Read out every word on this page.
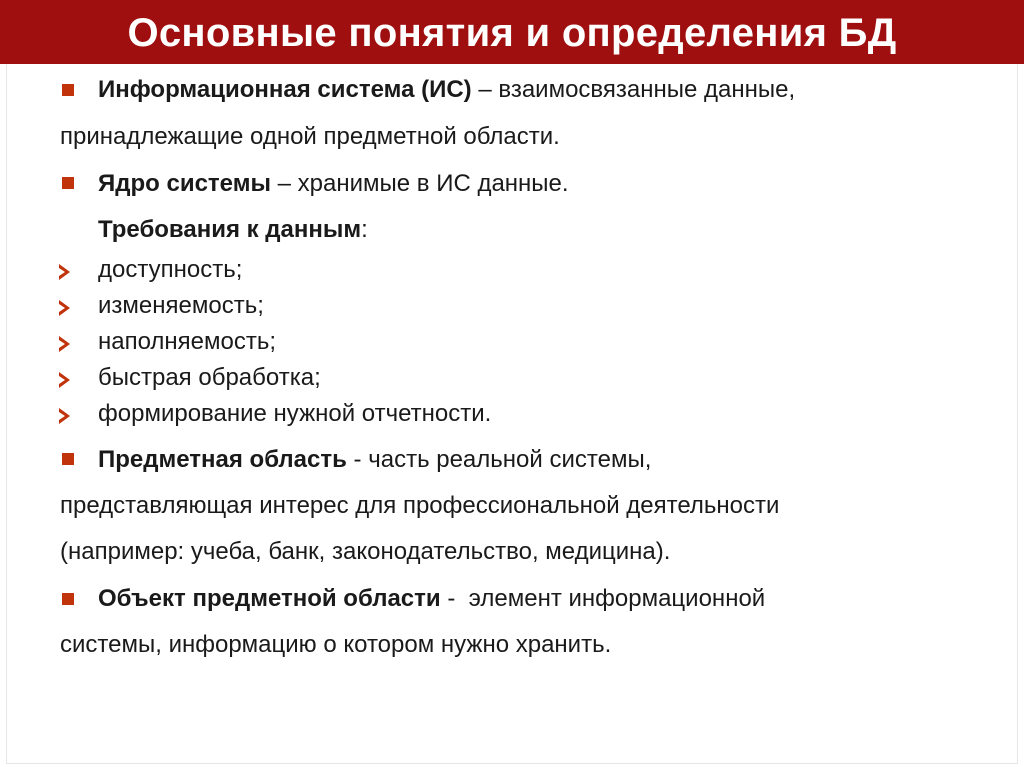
Основные понятия и определения БД
Информационная система (ИС) – взаимосвязанные данные,
принадлежащие одной предметной области.
Ядро системы – хранимые в ИС данные.
Требования к данным:
доступность;
изменяемость;
наполняемость;
быстрая обработка;
формирование нужной отчетности.
Предметная область - часть реальной системы,
представляющая интерес для профессиональной деятельности
(например: учеба, банк, законодательство, медицина).
Объект предметной области -  элемент информационной
системы, информацию о котором нужно хранить.
